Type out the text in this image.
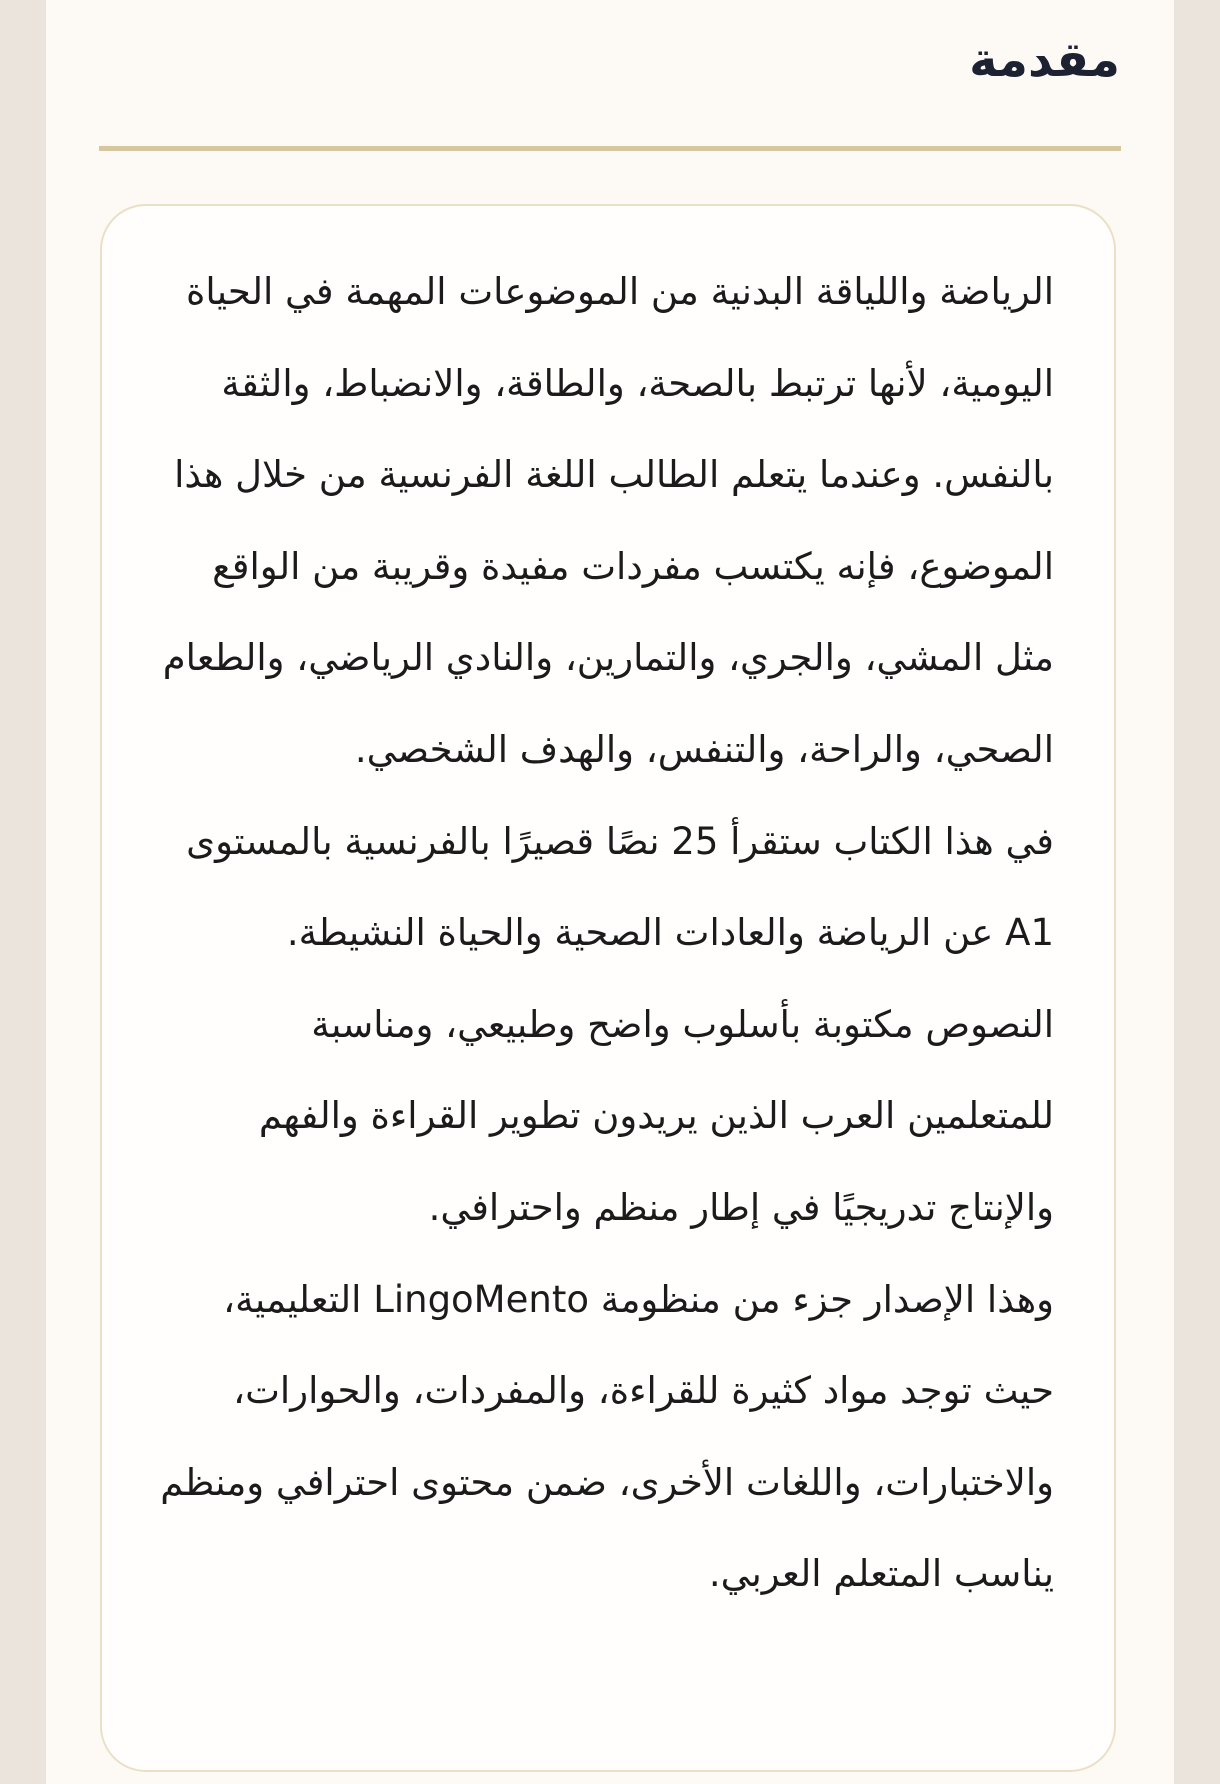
مقدمة

الرياضة واللياقة البدنية من الموضوعات المهمة في الحياة اليومية، لأنها ترتبط بالصحة، والطاقة، والانضباط، والثقة بالنفس. وعندما يتعلم الطالب اللغة الفرنسية من خلال هذا الموضوع، فإنه يكتسب مفردات مفيدة وقريبة من الواقع مثل المشي، والجري، والتمارين، والنادي الرياضي، والطعام الصحي، والراحة، والتنفس، والهدف الشخصي.

في هذا الكتاب ستقرأ 25 نصًا قصيرًا بالفرنسية بالمستوى A1 عن الرياضة والعادات الصحية والحياة النشيطة. النصوص مكتوبة بأسلوب واضح وطبيعي، ومناسبة للمتعلمين العرب الذين يريدون تطوير القراءة والفهم والإنتاج تدريجيًا في إطار منظم واحترافي.

وهذا الإصدار جزء من منظومة LingoMento التعليمية، حيث توجد مواد كثيرة للقراءة، والمفردات، والحوارات، والاختبارات، واللغات الأخرى، ضمن محتوى احترافي ومنظم يناسب المتعلم العربي.
